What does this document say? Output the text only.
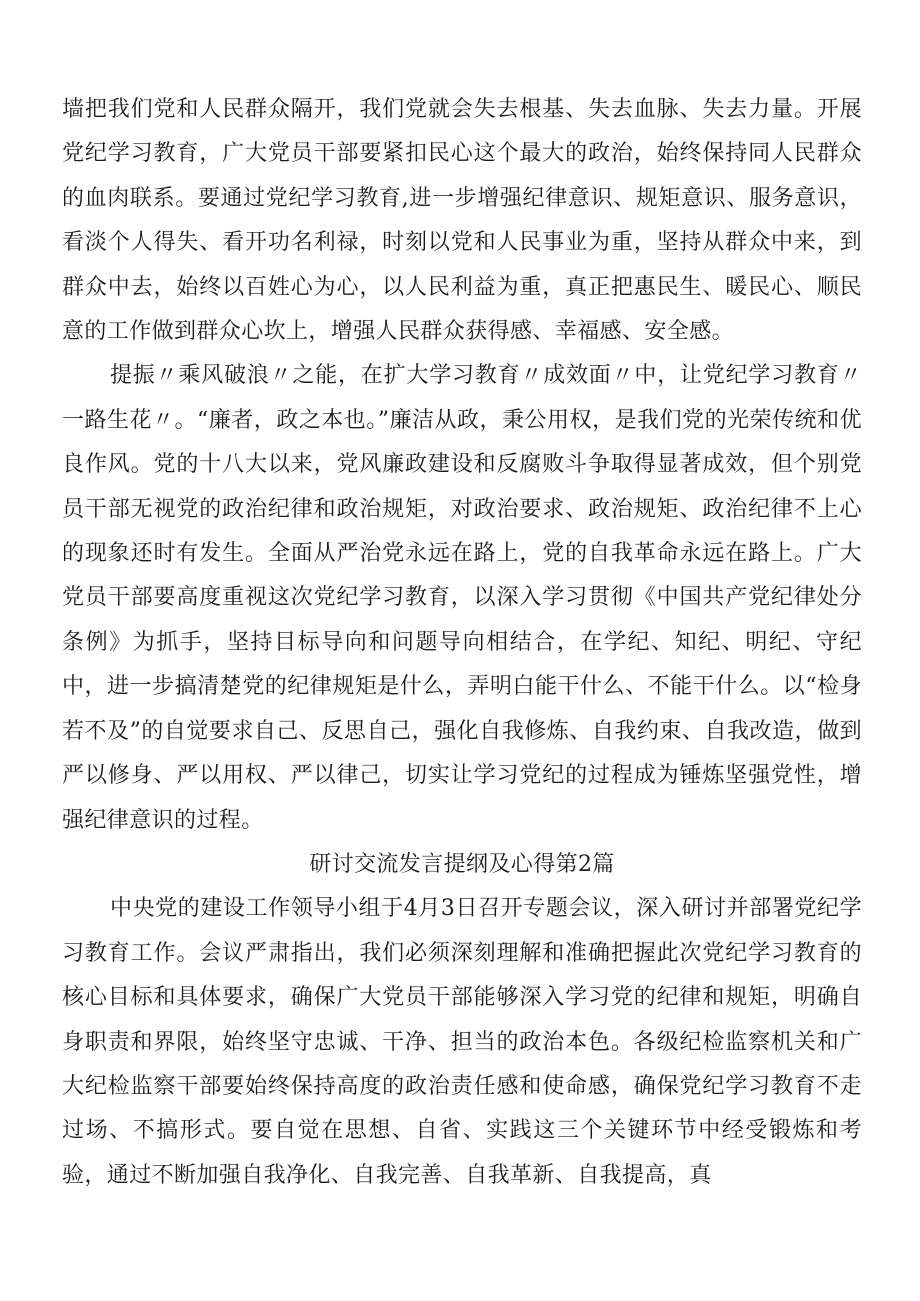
墙把我们党和人民群众隔开，我们党就会失去根基、失去血脉、失去力量。开展党纪学习教育，广大党员干部要紧扣民心这个最大的政治，始终保持同人民群众的血肉联系。要通过党纪学习教育,进一步增强纪律意识、规矩意识、服务意识，看淡个人得失、看开功名利禄，时刻以党和人民事业为重，坚持从群众中来，到群众中去，始终以百姓心为心，以人民利益为重，真正把惠民生、暖民心、顺民意的工作做到群众心坎上，增强人民群众获得感、幸福感、安全感。

提振〃乘风破浪〃之能，在扩大学习教育〃成效面〃中，让党纪学习教育〃一路生花〃。“廉者，政之本也。”廉洁从政，秉公用权，是我们党的光荣传统和优良作风。党的十八大以来，党风廉政建设和反腐败斗争取得显著成效，但个别党员干部无视党的政治纪律和政治规矩，对政治要求、政治规矩、政治纪律不上心的现象还时有发生。全面从严治党永远在路上，党的自我革命永远在路上。广大党员干部要高度重视这次党纪学习教育，以深入学习贯彻《中国共产党纪律处分条例》为抓手，坚持目标导向和问题导向相结合，在学纪、知纪、明纪、守纪中，进一步搞清楚党的纪律规矩是什么，弄明白能干什么、不能干什么。以“检身若不及”的自觉要求自己、反思自己，强化自我修炼、自我约束、自我改造，做到严以修身、严以用权、严以律己，切实让学习党纪的过程成为锤炼坚强党性，增强纪律意识的过程。

研讨交流发言提纲及心得第2篇

中央党的建设工作领导小组于4月3日召开专题会议，深入研讨并部署党纪学习教育工作。会议严肃指出，我们必须深刻理解和准确把握此次党纪学习教育的核心目标和具体要求，确保广大党员干部能够深入学习党的纪律和规矩，明确自身职责和界限，始终坚守忠诚、干净、担当的政治本色。各级纪检监察机关和广大纪检监察干部要始终保持高度的政治责任感和使命感，确保党纪学习教育不走过场、不搞形式。要自觉在思想、自省、实践这三个关键环节中经受锻炼和考验，通过不断加强自我净化、自我完善、自我革新、自我提高，真
